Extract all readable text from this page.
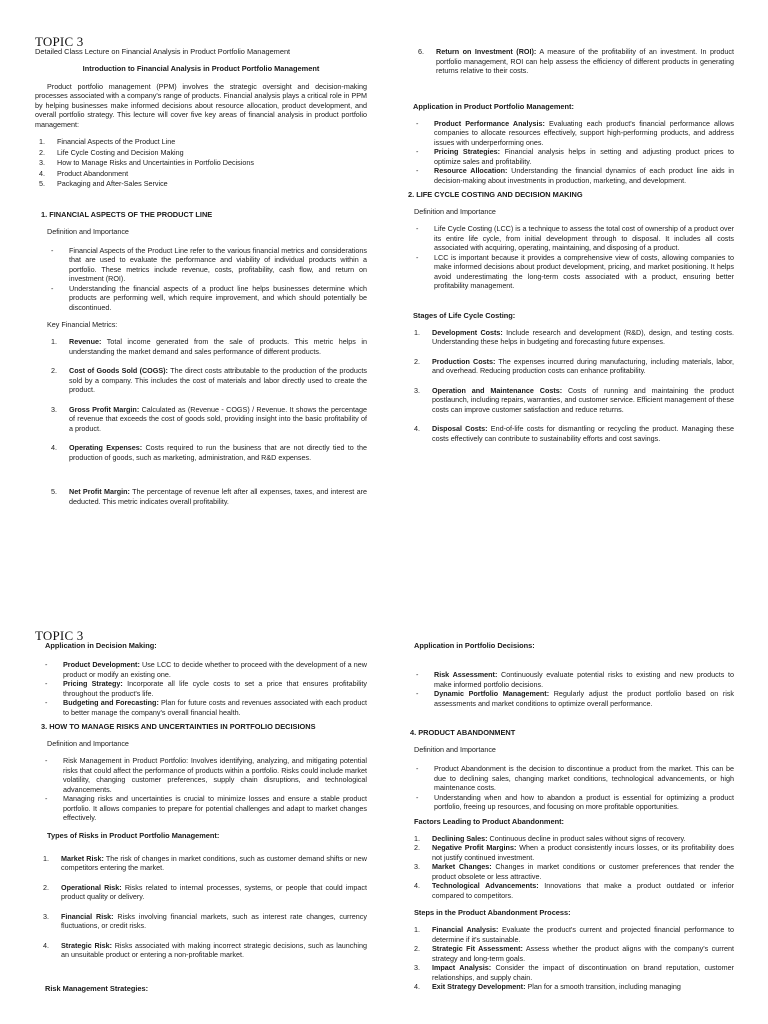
TOPIC 3

Detailed Class Lecture on Financial Analysis in Product Portfolio Management

Introduction to Financial Analysis in Product Portfolio Management

Product portfolio management (PPM) involves the strategic oversight and decision-making processes associated with a company's range of products. Financial analysis plays a critical role in PPM by helping businesses make informed decisions about resource allocation, product development, and overall portfolio strategy. This lecture will cover five key areas of financial analysis in product portfolio management:

1. Financial Aspects of the Product Line
2. Life Cycle Costing and Decision Making
3. How to Manage Risks and Uncertainties in Portfolio Decisions
4. Product Abandonment
5. Packaging and After-Sales Service

1. FINANCIAL ASPECTS OF THE PRODUCT LINE

Definition and Importance

- Financial Aspects of the Product Line refer to the various financial metrics and considerations that are used to evaluate the performance and viability of individual products within a portfolio. These metrics include revenue, costs, profitability, cash flow, and return on investment (ROI).
- Understanding the financial aspects of a product line helps businesses determine which products are performing well, which require improvement, and which should potentially be discontinued.

Key Financial Metrics:

1. Revenue: Total income generated from the sale of products. This metric helps in understanding the market demand and sales performance of different products.
2. Cost of Goods Sold (COGS): The direct costs attributable to the production of the products sold by a company. This includes the cost of materials and labor directly used to create the product.
3. Gross Profit Margin: Calculated as (Revenue - COGS) / Revenue. It shows the percentage of revenue that exceeds the cost of goods sold, providing insight into the basic profitability of a product.
4. Operating Expenses: Costs required to run the business that are not directly tied to the production of goods, such as marketing, administration, and R&D expenses.
5. Net Profit Margin: The percentage of revenue left after all expenses, taxes, and interest are deducted. This metric indicates overall profitability.
6. Return on Investment (ROI): A measure of the profitability of an investment. In product portfolio management, ROI can help assess the efficiency of different products in generating returns relative to their costs.

Application in Product Portfolio Management:

- Product Performance Analysis: Evaluating each product's financial performance allows companies to allocate resources effectively, support high-performing products, and address issues with underperforming ones.
- Pricing Strategies: Financial analysis helps in setting and adjusting product prices to optimize sales and profitability.
- Resource Allocation: Understanding the financial dynamics of each product line aids in decision-making about investments in production, marketing, and development.

2. LIFE CYCLE COSTING AND DECISION MAKING

Definition and Importance

- Life Cycle Costing (LCC) is a technique to assess the total cost of ownership of a product over its entire life cycle, from initial development through to disposal. It includes all costs associated with acquiring, operating, maintaining, and disposing of a product.
- LCC is important because it provides a comprehensive view of costs, allowing companies to make informed decisions about product development, pricing, and market positioning. It helps avoid underestimating the long-term costs associated with a product, ensuring better profitability management.

Stages of Life Cycle Costing:

1. Development Costs: Include research and development (R&D), design, and testing costs. Understanding these helps in budgeting and forecasting future expenses.
2. Production Costs: The expenses incurred during manufacturing, including materials, labor, and overhead. Reducing production costs can enhance profitability.
3. Operation and Maintenance Costs: Costs of running and maintaining the product postlaunch, including repairs, warranties, and customer service. Efficient management of these costs can improve customer satisfaction and reduce returns.
4. Disposal Costs: End-of-life costs for dismantling or recycling the product. Managing these costs effectively can contribute to sustainability efforts and cost savings.
TOPIC 3

Application in Decision Making:

- Product Development: Use LCC to decide whether to proceed with the development of a new product or modify an existing one.
- Pricing Strategy: Incorporate all life cycle costs to set a price that ensures profitability throughout the product's life.
- Budgeting and Forecasting: Plan for future costs and revenues associated with each product to better manage the company's overall financial health.

3. HOW TO MANAGE RISKS AND UNCERTAINTIES IN PORTFOLIO DECISIONS

Definition and Importance

- Risk Management in Product Portfolio: Involves identifying, analyzing, and mitigating potential risks that could affect the performance of products within a portfolio. Risks could include market volatility, changing customer preferences, supply chain disruptions, and technological advancements.
- Managing risks and uncertainties is crucial to minimize losses and ensure a stable product portfolio. It allows companies to prepare for potential challenges and adapt to market changes effectively.

Types of Risks in Product Portfolio Management:

1. Market Risk: The risk of changes in market conditions, such as customer demand shifts or new competitors entering the market.
2. Operational Risk: Risks related to internal processes, systems, or people that could impact product quality or delivery.
3. Financial Risk: Risks involving financial markets, such as interest rate changes, currency fluctuations, or credit risks.
4. Strategic Risk: Risks associated with making incorrect strategic decisions, such as launching an unsuitable product or entering a non-profitable market.

Risk Management Strategies:

Application in Portfolio Decisions:

- Risk Assessment: Continuously evaluate potential risks to existing and new products to make informed portfolio decisions.
- Dynamic Portfolio Management: Regularly adjust the product portfolio based on risk assessments and market conditions to optimize overall performance.

4. PRODUCT ABANDONMENT

Definition and Importance

- Product Abandonment is the decision to discontinue a product from the market. This can be due to declining sales, changing market conditions, technological advancements, or high maintenance costs.
- Understanding when and how to abandon a product is essential for optimizing a product portfolio, freeing up resources, and focusing on more profitable opportunities.

Factors Leading to Product Abandonment:

1. Declining Sales: Continuous decline in product sales without signs of recovery.
2. Negative Profit Margins: When a product consistently incurs losses, or its profitability does not justify continued investment.
3. Market Changes: Changes in market conditions or customer preferences that render the product obsolete or less attractive.
4. Technological Advancements: Innovations that make a product outdated or inferior compared to competitors.

Steps in the Product Abandonment Process:

1. Financial Analysis: Evaluate the product's current and projected financial performance to determine if it's sustainable.
2. Strategic Fit Assessment: Assess whether the product aligns with the company's current strategy and long-term goals.
3. Impact Analysis: Consider the impact of discontinuation on brand reputation, customer relationships, and supply chain.
4. Exit Strategy Development: Plan for a smooth transition, including managing
